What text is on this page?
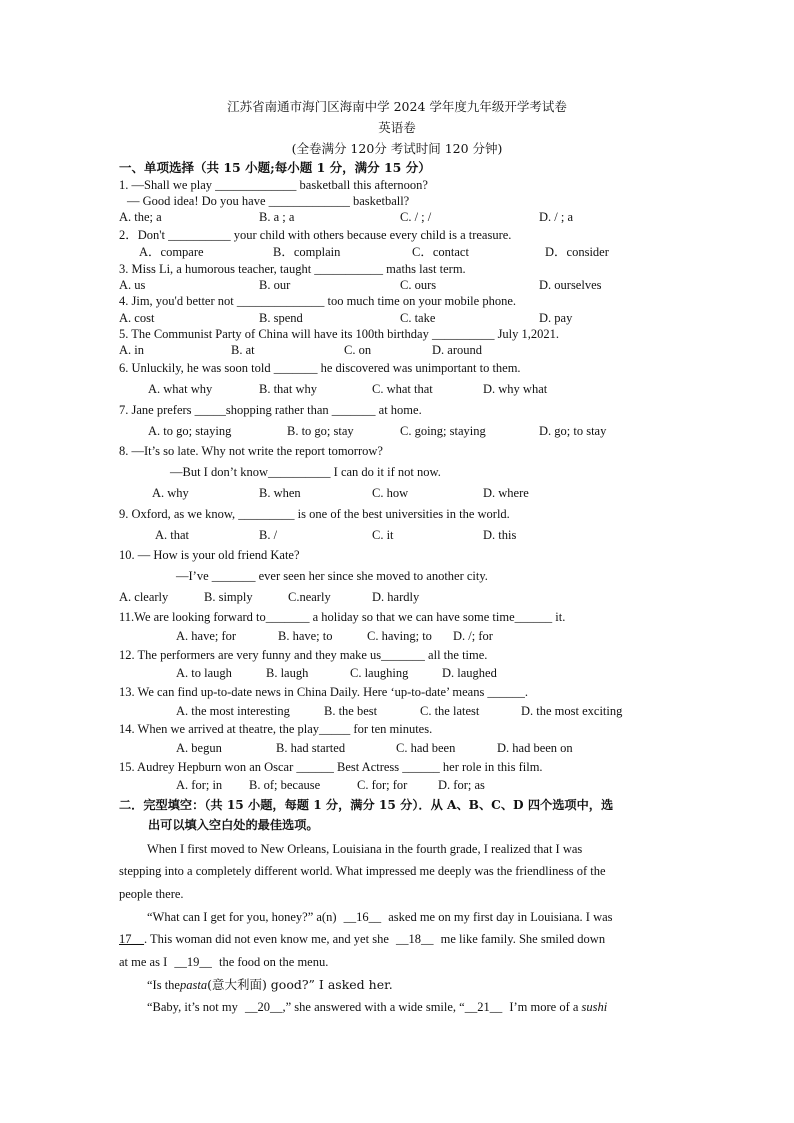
江苏省南通市海门区海南中学 2024 学年度九年级开学考试卷
英语卷
(全卷满分 120分 考试时间 120 分钟)
一、单项选择（共 15 小题;每小题 1 分，满分 15 分）
1. —Shall we play _____________ basketball this afternoon?
— Good idea! Do you have _____________ basketball?
A. the; a	B. a ; a	C. / ; /	D. / ; a
2．Don't __________ your child with others because every child is a treasure.
A．compare	B．complain	C．contact	D．consider
3. Miss Li, a humorous teacher, taught ___________ maths last term.
A. us	B. our	C. ours	D. ourselves
4. Jim, you'd better not ______________ too much time on your mobile phone.
A. cost	B. spend	C. take	D. pay
5. The Communist Party of China will have its 100th birthday __________ July 1,2021.
A. in	B. at	C. on	D. around
6. Unluckily, he was soon told _______ he discovered was unimportant to them.
A. what why	B. that why	C. what that	D. why what
7. Jane prefers _____shopping rather than _______ at home.
A. to go; staying	B. to go; stay	C. going; staying	D. go; to stay
8. —It’s so late. Why not write the report tomorrow?
—But I don’t know__________ I can do it if not now.
A. why	B. when	C. how	D. where
9. Oxford, as we know, _________ is one of the best universities in the world.
A. that	B. /	C. it	D. this
10. — How is your old friend Kate?
—I’ve _______ ever seen her since she moved to another city.
A. clearly	B. simply	C.nearly	D. hardly
11.We are looking forward to_______ a holiday so that we can have some time______ it.
A. have; for	B. have; to	C. having; to D. /; for
12. The performers are very funny and they make us_______ all the time.
A. to laugh	B. laugh	C. laughing	D. laughed
13. We can find up-to-date news in China Daily. Here ‘up-to-date’ means ______.
A. the most interesting	B. the best	C. the latest	D. the most exciting
14. When we arrived at theatre, the play_____ for ten minutes.
A. begun	B. had started	C. had been	D. had been on
15. Audrey Hepburn won an Oscar ______ Best Actress ______ her role in this film.
A. for; in B. of; because	C. for; for D. for; as
二．完型填空：（共 15 小题，每题 1 分，满分 15 分）．从 A、B、C、D 四个选项中，选
出可以填入空白处的最佳选项。
When I first moved to New Orleans, Louisiana in the fourth grade, I realized that I was
stepping into a completely different world. What impressed me deeply was the friendliness of the
people there.
“What can I get for you, honey?” a(n) __16__ asked me on my first day in Louisiana. I was
17__. This woman did not even know me, and yet she __18__ me like family. She smiled down
at me as I __19__ the food on the menu.
“Is thepasta(意大利面) good?” I asked her.
“Baby, it’s not my __20__,” she answered with a wide smile, “__21__ I’m more of a sushi
